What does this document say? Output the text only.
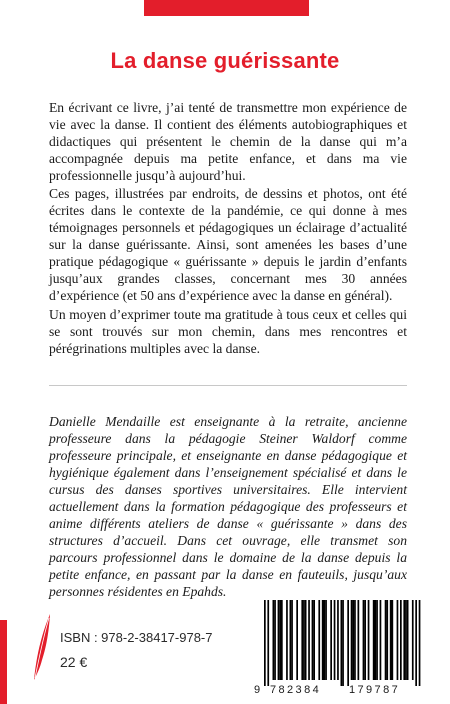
La danse guérissante

En écrivant ce livre, j’ai tenté de transmettre mon expérience de vie avec la danse. Il contient des éléments autobiographiques et didactiques qui présentent le chemin de la danse qui m’a accompagnée depuis ma petite enfance, et dans ma vie professionnelle jusqu’à aujourd’hui.

Ces pages, illustrées par endroits, de dessins et photos, ont été écrites dans le contexte de la pandémie, ce qui donne à mes témoignages personnels et pédagogiques un éclairage d’actualité sur la danse guérissante. Ainsi, sont amenées les bases d’une pratique pédagogique « guérissante » depuis le jardin d’enfants jusqu’aux grandes classes, concernant mes 30 années d’expérience (et 50 ans d’expérience avec la danse en général).

Un moyen d’exprimer toute ma gratitude à tous ceux et celles qui se sont trouvés sur mon chemin, dans mes rencontres et pérégrinations multiples avec la danse.

Danielle Mendaille est enseignante à la retraite, ancienne professeure dans la pédagogie Steiner Waldorf comme professeure principale, et enseignante en danse pédagogique et hygiénique également dans l’enseignement spécialisé et dans le cursus des danses sportives universitaires. Elle intervient actuellement dans la formation pédagogique des professeurs et anime différents ateliers de danse « guérissante » dans des structures d’accueil. Dans cet ouvrage, elle transmet son parcours professionnel dans le domaine de la danse depuis la petite enfance, en passant par la danse en fauteuils, jusqu’aux personnes résidentes en Epahds.

ISBN : 978-2-38417-978-7
22 €
9 782384	179787
